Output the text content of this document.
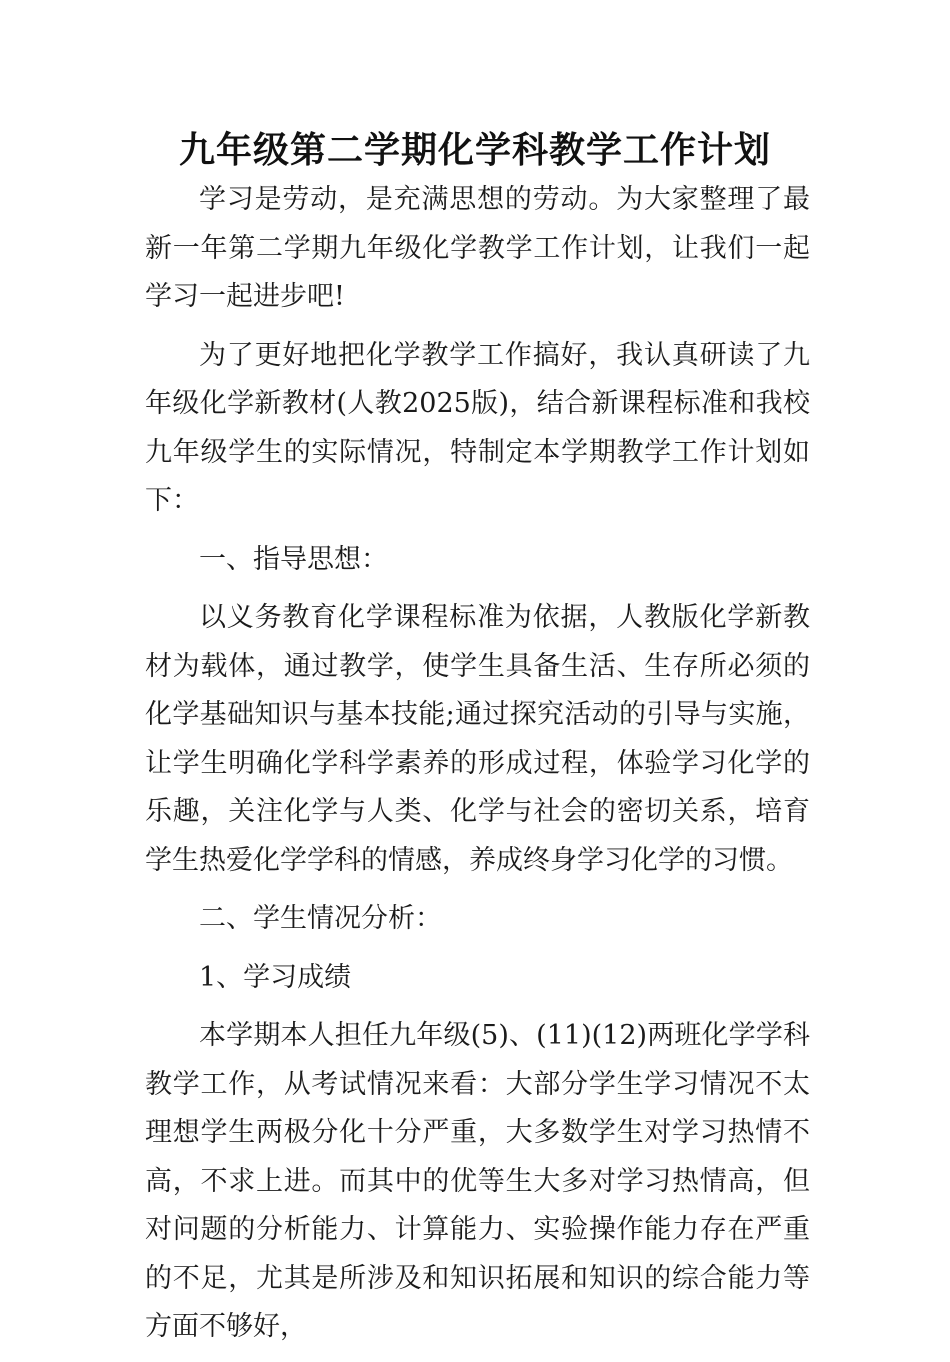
九年级第二学期化学科教学工作计划

学习是劳动，是充满思想的劳动。为大家整理了最新一年第二学期九年级化学教学工作计划，让我们一起学习一起进步吧!

为了更好地把化学教学工作搞好，我认真研读了九年级化学新教材(人教2025版)，结合新课程标准和我校九年级学生的实际情况，特制定本学期教学工作计划如下：

一、指导思想：

以义务教育化学课程标准为依据，人教版化学新教材为载体，通过教学，使学生具备生活、生存所必须的化学基础知识与基本技能;通过探究活动的引导与实施，让学生明确化学科学素养的形成过程，体验学习化学的乐趣，关注化学与人类、化学与社会的密切关系，培育学生热爱化学学科的情感，养成终身学习化学的习惯。

二、学生情况分析：

1、学习成绩

本学期本人担任九年级(5)、(11)(12)两班化学学科教学工作，从考试情况来看：大部分学生学习情况不太理想学生两极分化十分严重，大多数学生对学习热情不高，不求上进。而其中的优等生大多对学习热情高，但对问题的分析能力、计算能力、实验操作能力存在严重的不足，尤其是所涉及和知识拓展和知识的综合能力等方面不够好，
